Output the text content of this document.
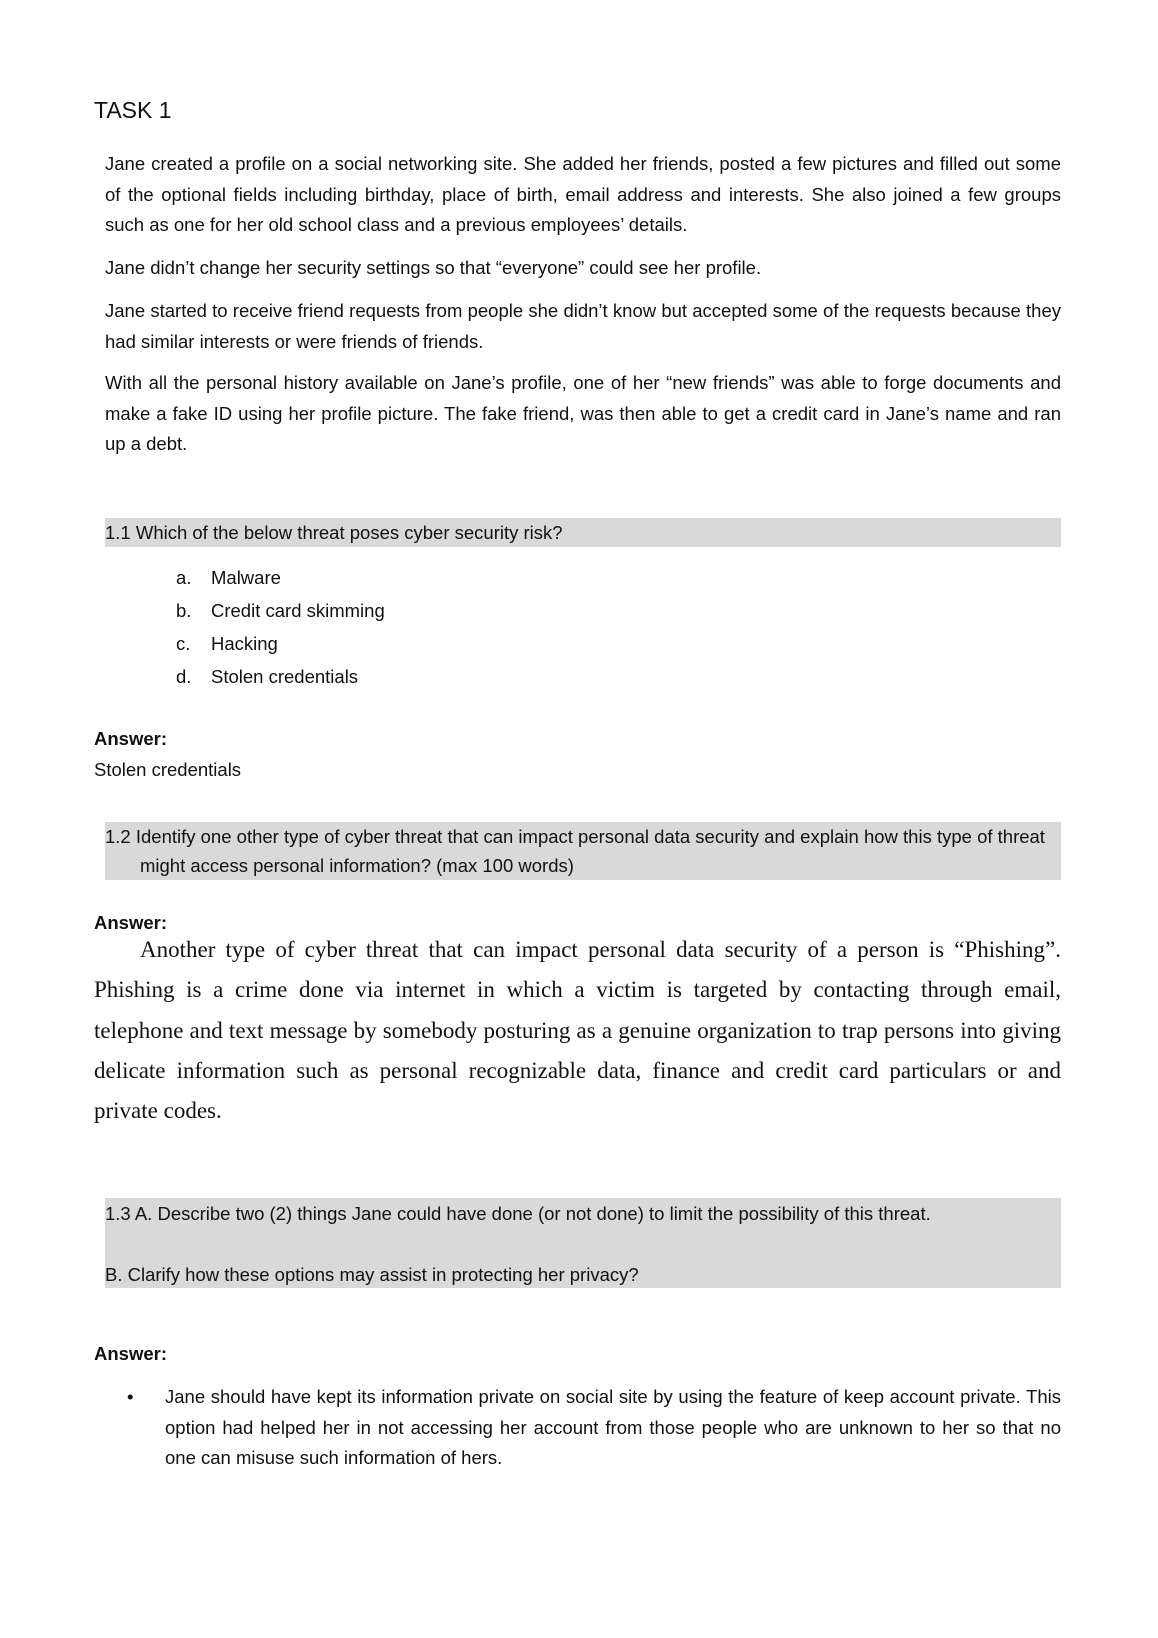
TASK 1

Jane created a profile on a social networking site. She added her friends, posted a few pictures and filled out some of the optional fields including birthday, place of birth, email address and interests. She also joined a few groups such as one for her old school class and a previous employees’ details.

Jane didn’t change her security settings so that “everyone” could see her profile.

Jane started to receive friend requests from people she didn’t know but accepted some of the requests because they had similar interests or were friends of friends.

With all the personal history available on Jane’s profile, one of her “new friends” was able to forge documents and make a fake ID using her profile picture. The fake friend, was then able to get a credit card in Jane’s name and ran up a debt.

1.1 Which of the below threat poses cyber security risk?
a.	Malware
b.	Credit card skimming
c.	Hacking
d.	Stolen credentials

Answer:

Stolen credentials

1.2 Identify one other type of cyber threat that can impact personal data security and explain how this type of threat might access personal information? (max 100 words)

Answer:

Another type of cyber threat that can impact personal data security of a person is “Phishing”. Phishing is a crime done via internet in which a victim is targeted by contacting through email, telephone and text message by somebody posturing as a genuine organization to trap persons into giving delicate information such as personal recognizable data, finance and credit card particulars or and private codes.

1.3 A. Describe two (2) things Jane could have done (or not done) to limit the possibility of this threat.
B. Clarify how these options may assist in protecting her privacy?

Answer:

•	Jane should have kept its information private on social site by using the feature of keep account private. This option had helped her in not accessing her account from those people who are unknown to her so that no one can misuse such information of hers.
